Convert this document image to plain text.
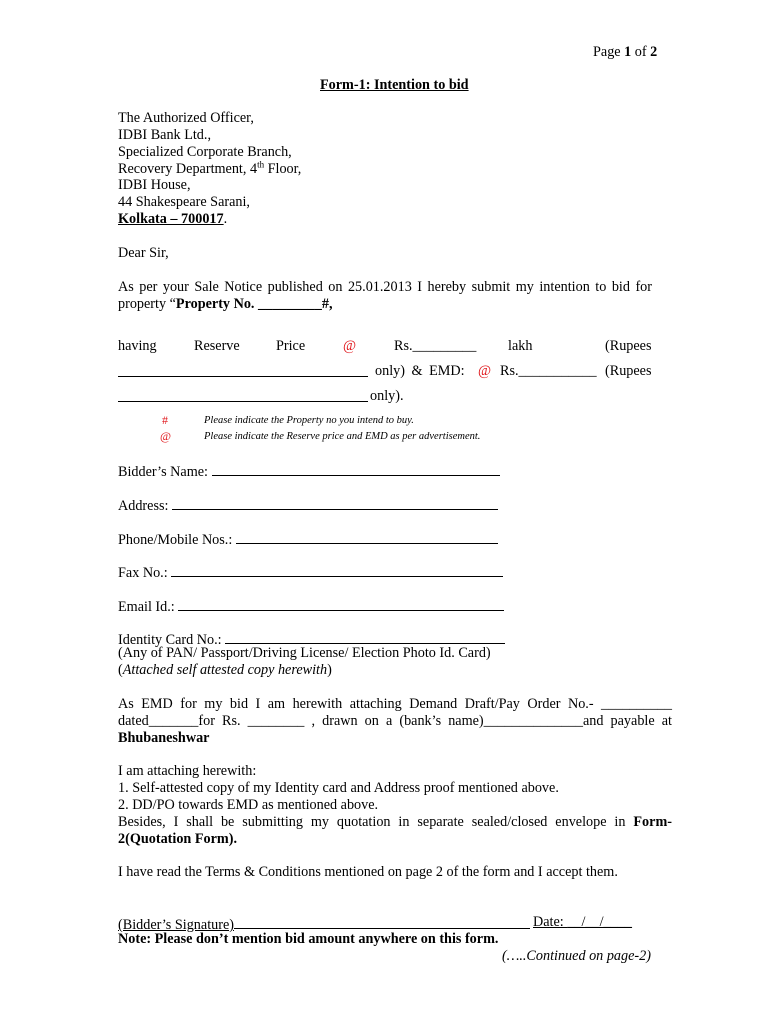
Page 1 of 2
Form-1: Intention to bid
The Authorized Officer,
IDBI Bank Ltd.,
Specialized Corporate Branch,
Recovery Department, 4th Floor,
IDBI House,
44 Shakespeare Sarani,
Kolkata – 700017.
Dear Sir,
As per your Sale Notice published on 25.01.2013 I hereby submit my intention to bid for
property “Property No. _________#,
having	Reserve	Price	@	Rs._________ lakh	(Rupees
only) & EMD: @ Rs.___________ (Rupees
only).
#	Please indicate the Property no you intend to buy.
@	Please indicate the Reserve price and EMD as per advertisement.
Bidder’s Name:
Address:
Phone/Mobile Nos.:
Fax No.:
Email Id.:
Identity Card No.:
(Any of PAN/ Passport/Driving License/ Election Photo Id. Card)
(Attached self attested copy herewith)
As EMD for my bid I am herewith attaching Demand Draft/Pay Order No.- __________
dated_______for Rs. ________ , drawn on a (bank’s name)______________and payable at
Bhubaneshwar
I am attaching herewith:
1. Self-attested copy of my Identity card and Address proof mentioned above.
2. DD/PO towards EMD as mentioned above.
Besides, I shall be submitting my quotation in separate sealed/closed envelope in Form-
2(Quotation Form).
I have read the Terms & Conditions mentioned on page 2 of the form and I accept them.
(Bidder’s Signature)	Date: __/__/____
Note: Please don’t mention bid amount anywhere on this form.
(…..Continued on page-2)
